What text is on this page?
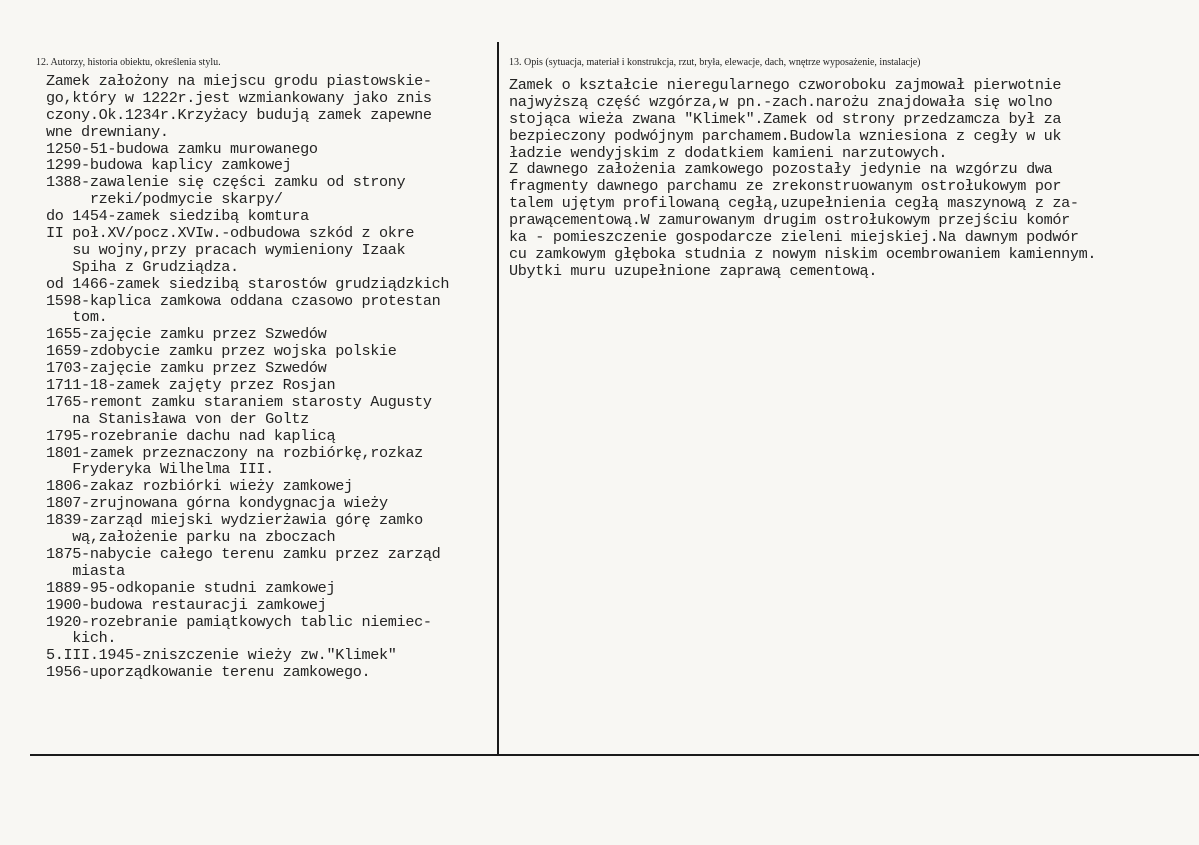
12. Autorzy, historia obiektu, określenia stylu.	13. Opis (sytuacja, materiał i konstrukcja, rzut, bryła, elewacje, dach, wnętrze wyposażenie, instalacje)
Zamek założony na miejscu grodu piastowskie-
go,który w 1222r.jest wzmiankowany jako znis
czony.Ok.1234r.Krzyżacy budują zamek zapewne
wne drewniany.
1250-51-budowa zamku murowanego
1299-budowa kaplicy zamkowej
1388-zawalenie się części zamku od strony
rzeki/podmycie skarpy/
do 1454-zamek siedzibą komtura
II poł.XV/pocz.XVIw.-odbudowa szkód z okre
su wojny,przy pracach wymieniony Izaak
Spiha z Grudziądza.
od 1466-zamek siedzibą starostów grudziądzkich
1598-kaplica zamkowa oddana czasowo protestan
tom.
1655-zajęcie zamku przez Szwedów
1659-zdobycie zamku przez wojska polskie
1703-zajęcie zamku przez Szwedów
1711-18-zamek zajęty przez Rosjan
1765-remont zamku staraniem starosty Augusty
na Stanisława von der Goltz
1795-rozebranie dachu nad kaplicą
1801-zamek przeznaczony na rozbiórkę,rozkaz
Fryderyka Wilhelma III.
1806-zakaz rozbiórki wieży zamkowej
1807-zrujnowana górna kondygnacja wieży
1839-zarząd miejski wydzierżawia górę zamko
wą,założenie parku na zboczach
1875-nabycie całego terenu zamku przez zarząd
miasta
1889-95-odkopanie studni zamkowej
1900-budowa restauracji zamkowej
1920-rozebranie pamiątkowych tablic niemiec-
kich.
5.III.1945-zniszczenie wieży zw."Klimek"
1956-uporządkowanie terenu zamkowego.
Zamek o kształcie nieregularnego czworoboku zajmował pierwotnie
najwyższą część wzgórza,w pn.-zach.narożu znajdowała się wolno
stojąca wieża zwana "Klimek".Zamek od strony przedzamcza był za
bezpieczony podwójnym parchamem.Budowla wzniesiona z cegły w uk
ładzie wendyjskim z dodatkiem kamieni narzutowych.
Z dawnego założenia zamkowego pozostały jedynie na wzgórzu dwa
fragmenty dawnego parchamu ze zrekonstruowanym ostrołukowym por
talem ujętym profilowaną cegłą,uzupełnienia cegłą maszynową z za-
prawącementową.W zamurowanym drugim ostrołukowym przejściu komór
ka - pomieszczenie gospodarcze zieleni miejskiej.Na dawnym podwór
cu zamkowym głęboka studnia z nowym niskim ocembrowaniem kamiennym.
Ubytki muru uzupełnione zaprawą cementową.
